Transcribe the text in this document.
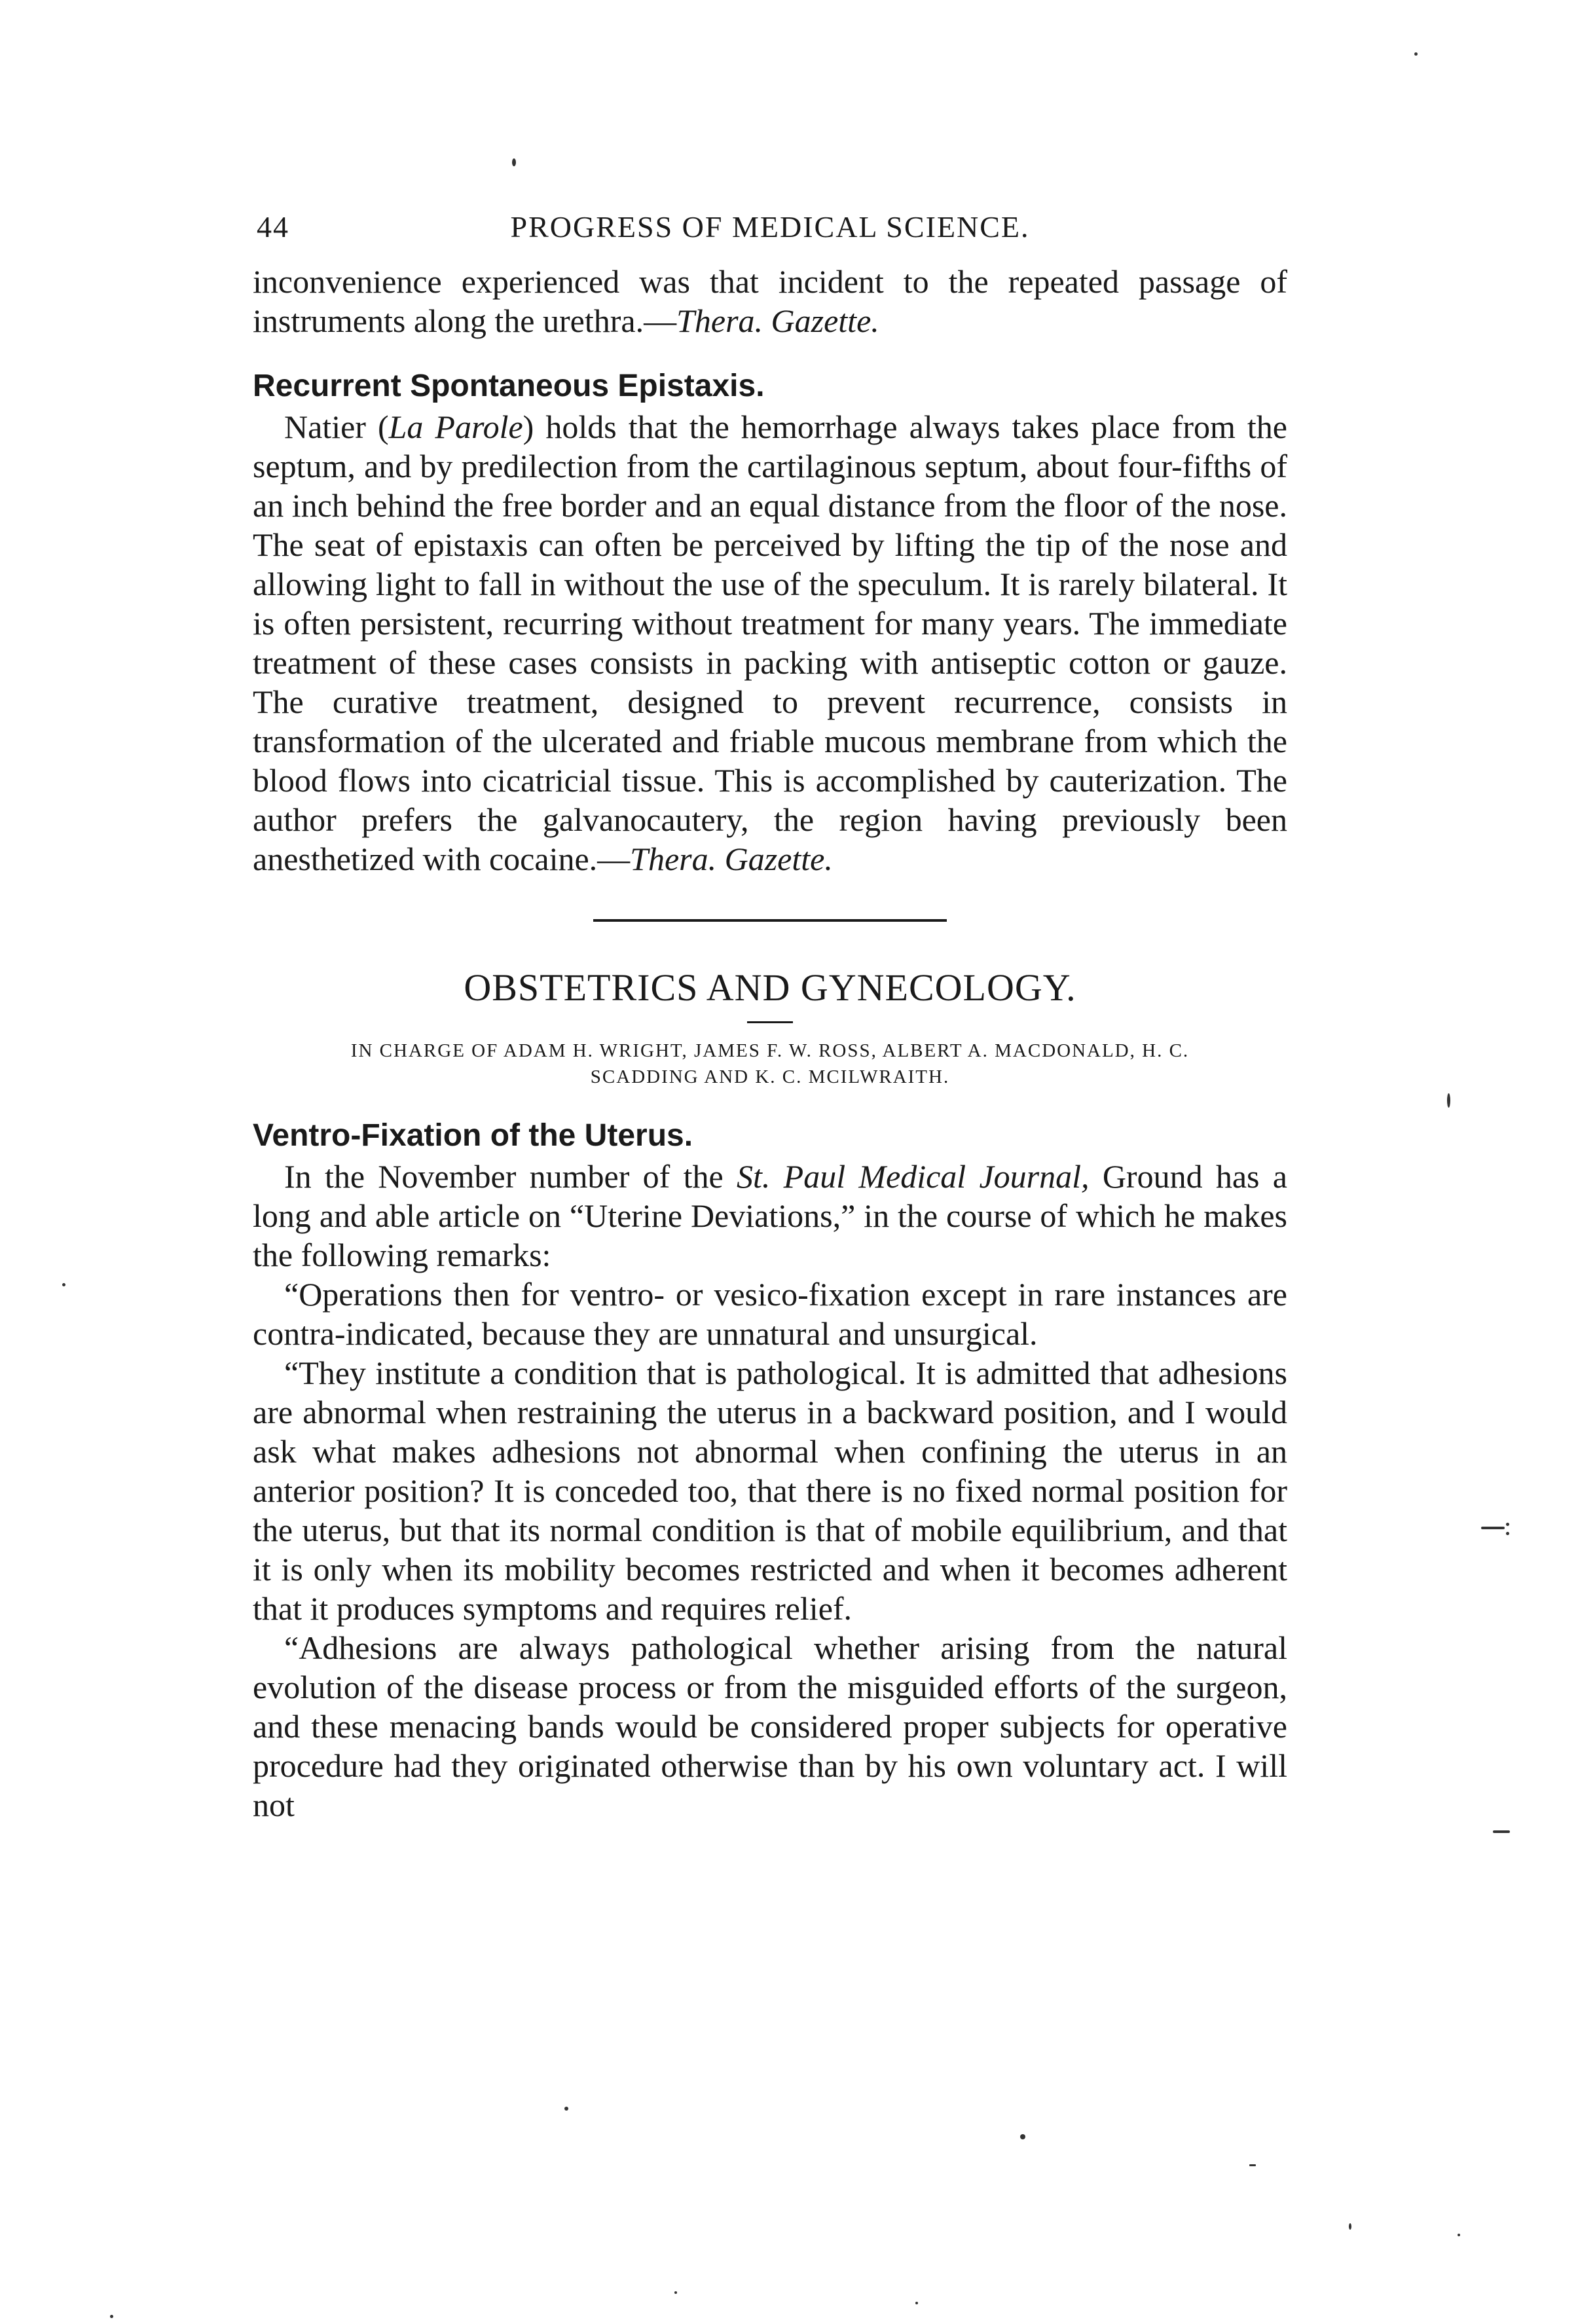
44	PROGRESS OF MEDICAL SCIENCE.

inconvenience experienced was that incident to the repeated passage of instruments along the urethra.—Thera. Gazette.

Recurrent Spontaneous Epistaxis.

Natier (La Parole) holds that the hemorrhage always takes place from the septum, and by predilection from the cartilaginous septum, about four-fifths of an inch behind the free border and an equal distance from the floor of the nose. The seat of epistaxis can often be perceived by lifting the tip of the nose and allowing light to fall in without the use of the speculum. It is rarely bilateral. It is often persistent, recurring without treatment for many years. The immediate treatment of these cases consists in packing with antiseptic cotton or gauze. The curative treatment, designed to prevent recurrence, consists in transformation of the ulcerated and friable mucous membrane from which the blood flows into cicatricial tissue. This is accomplished by cauterization. The author prefers the galvanocautery, the region having previously been anesthetized with cocaine.—Thera. Gazette.

OBSTETRICS AND GYNECOLOGY.
IN CHARGE OF ADAM H. WRIGHT, JAMES F. W. ROSS, ALBERT A. MACDONALD, H. C. SCADDING AND K. C. MCILWRAITH.
Ventro-Fixation of the Uterus.

In the November number of the St. Paul Medical Journal, Ground has a long and able article on “Uterine Deviations,” in the course of which he makes the following remarks:

“Operations then for ventro- or vesico-fixation except in rare instances are contra-indicated, because they are unnatural and unsurgical.

“They institute a condition that is pathological. It is admitted that adhesions are abnormal when restraining the uterus in a backward position, and I would ask what makes adhesions not abnormal when confining the uterus in an anterior position? It is conceded too, that there is no fixed normal position for the uterus, but that its normal condition is that of mobile equilibrium, and that it is only when its mobility becomes restricted and when it becomes adherent that it produces symptoms and requires relief.

“Adhesions are always pathological whether arising from the natural evolution of the disease process or from the misguided efforts of the surgeon, and these menacing bands would be considered proper subjects for operative procedure had they originated otherwise than by his own voluntary act. I will not
